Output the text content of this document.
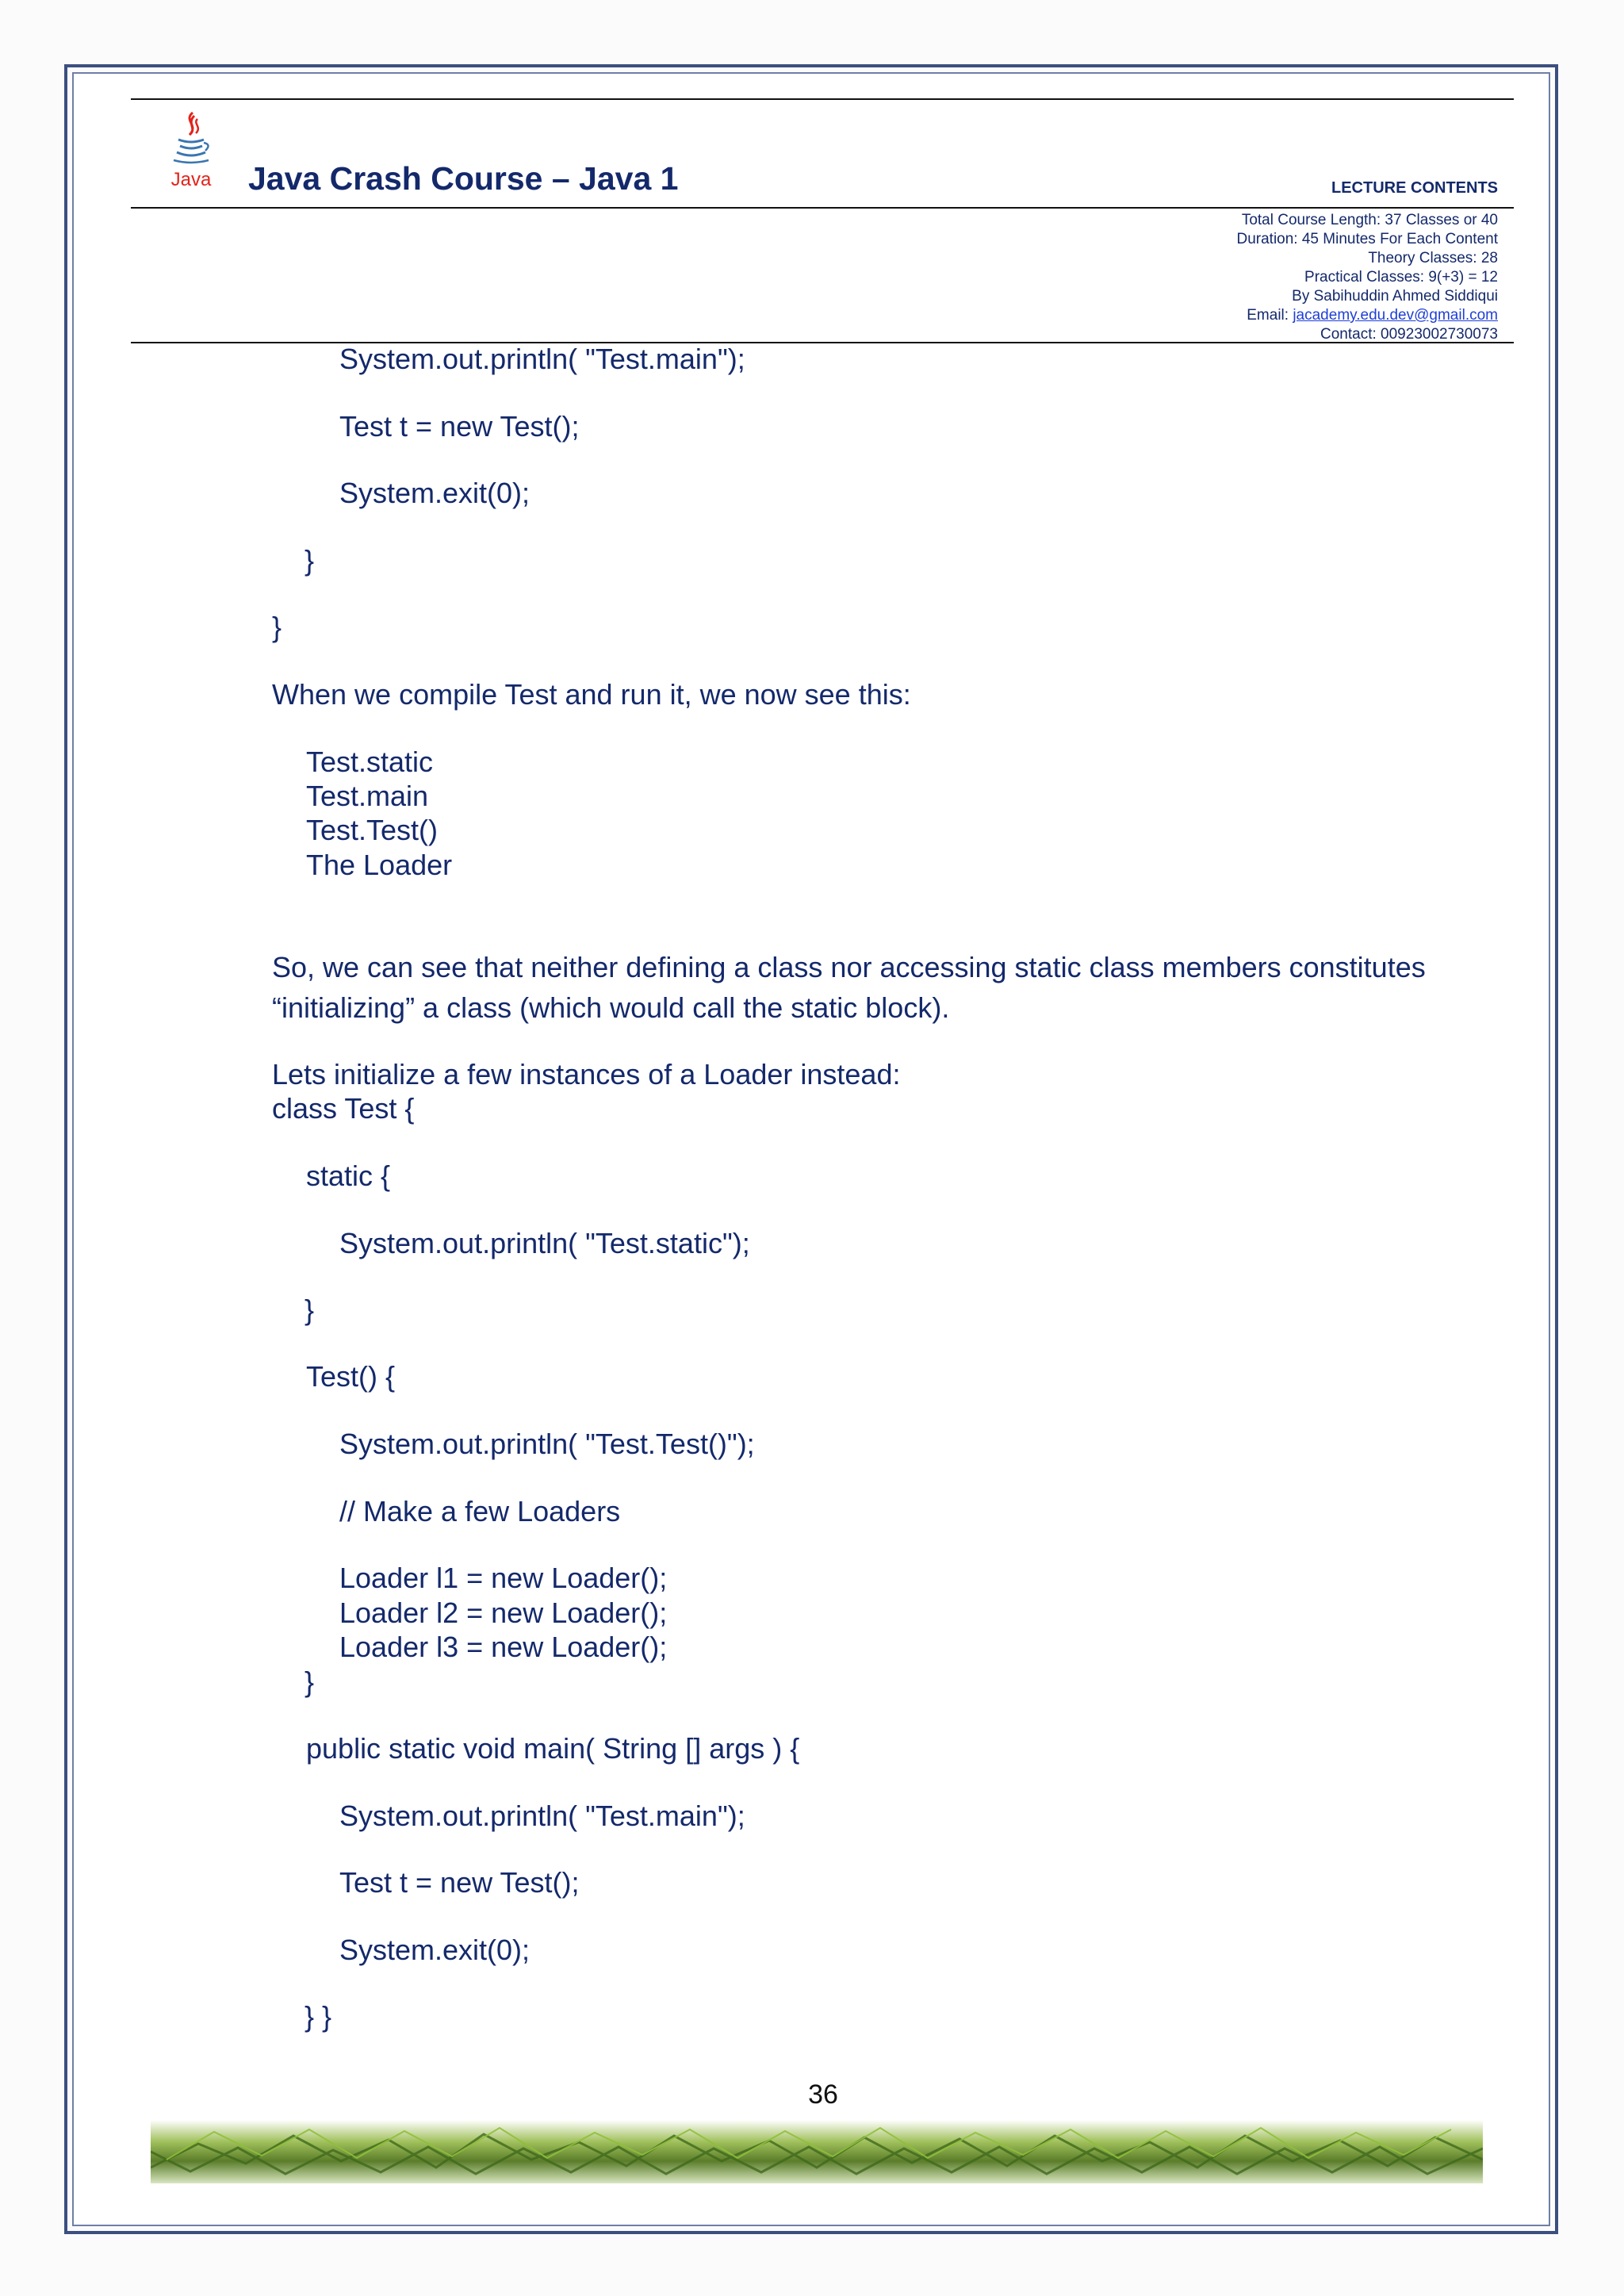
Java Java Crash Course – Java 1	LECTURE CONTENTS
Total Course Length: 37 Classes or 40
Duration: 45 Minutes For Each Content
Theory Classes: 28
Practical Classes: 9(+3) = 12
By Sabihuddin Ahmed Siddiqui
Email: jacademy.edu.dev@gmail.com
Contact: 00923002730073
System.out.println( "Test.main");
Test t = new Test();
System.exit(0);
}
}
When we compile Test and run it, we now see this:
Test.static
Test.main
Test.Test()
The Loader
So, we can see that neither defining a class nor accessing static class members constitutes
“initializing” a class (which would call the static block).
Lets initialize a few instances of a Loader instead:
class Test {
static {
System.out.println( "Test.static");
}
Test() {
System.out.println( "Test.Test()");
// Make a few Loaders
Loader l1 = new Loader();
Loader l2 = new Loader();
Loader l3 = new Loader();
}
public static void main( String [] args ) {
System.out.println( "Test.main");
Test t = new Test();
System.exit(0);
} }
36
